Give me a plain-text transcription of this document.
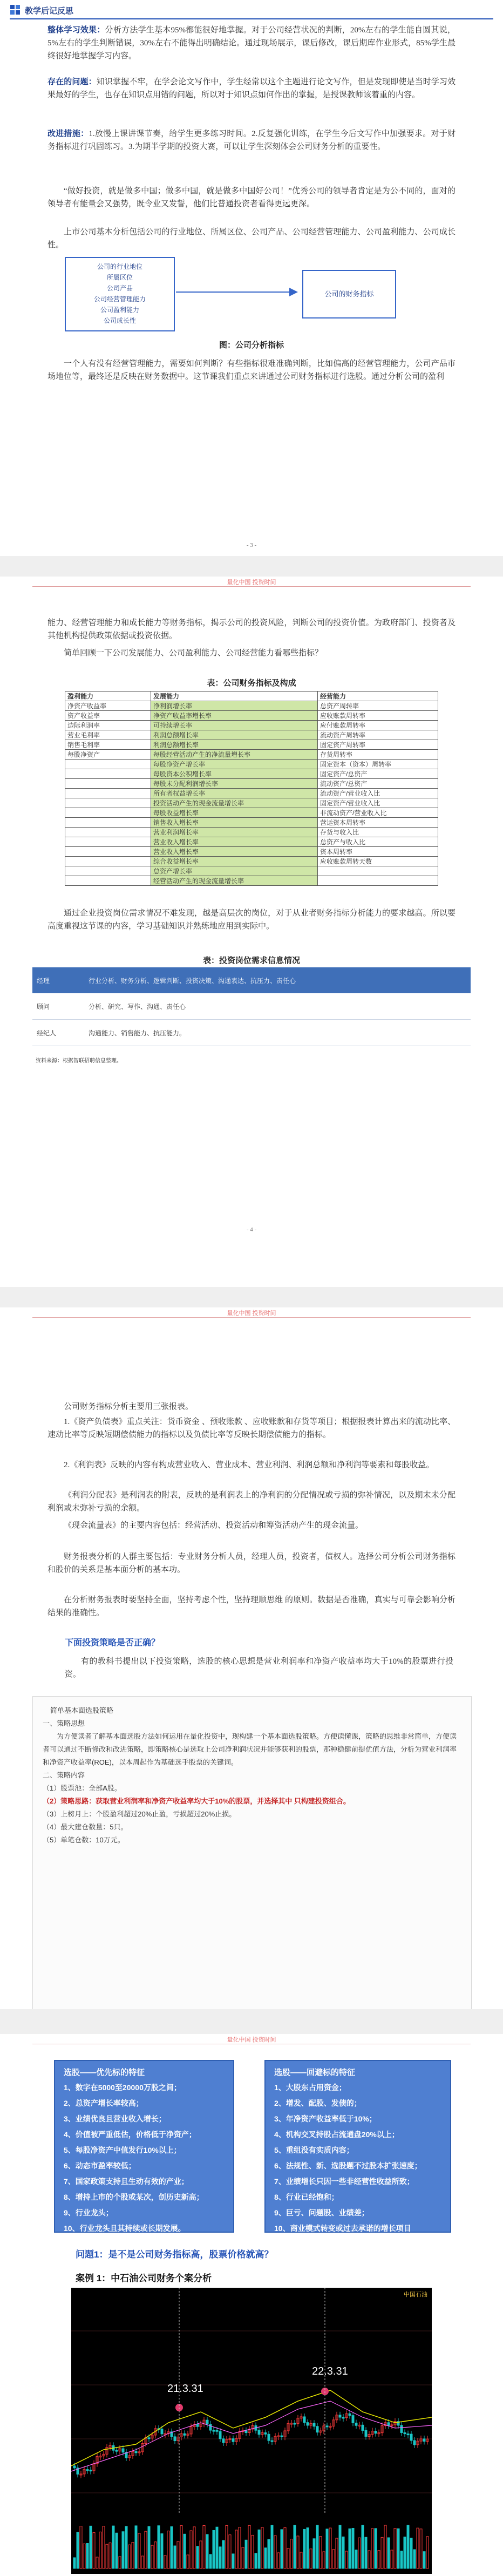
教学后记反思
整体学习效果：分析方法学生基本95%都能很好地掌握。对于公司经营状况的判断，20%左右的学生能自圆其说，5%左右的学生判断错误，30%左右不能得出明确结论。通过现场展示，课后修改，课后期库作业形式，85%学生最终很好地掌握学习内容。
存在的问题：知识掌握不牢，在学会论文写作中，学生经常以这个主题进行论文写作，但是发现即使是当时学习效果最好的学生，也存在知识点用错的问题，所以对于知识点如何作出的掌握，是授课教师该着重的内容。
改进措施：1.放慢上课讲课节奏，给学生更多练习时间。2.反复强化训练，在学生今后文写作中加强要求。对于财务指标进行巩固练习。3.为期半学期的投资大赛，可以让学生深刻体会公司财务分析的重要性。
“做好投资，就是做多中国；做多中国，就是做多中国好公司！”优秀公司的领导者肯定是为公不同的，面对的领导者有能量会又强势，既令业又发誓，他们比普通投资者看得更远更深。
上市公司基本分析包括公司的行业地位、所属区位、公司产品、公司经营管理能力、公司盈利能力、公司成长性。
公司的行业地位
所属区位
公司产品
公司经营管理能力
公司盈利能力
公司成长性
公司的财务指标
图：公司分析指标
一个人有没有经营管理能力，需要如何判断？有些指标很难准确判断，比如偏高的经营管理能力，公司产品市场地位等，最终还是反映在财务数据中。这节课我们重点来讲通过公司财务指标进行选股。通过分析公司的盈利
- 3 -
量化中国 投资时间
能力、经营管理能力和成长能力等财务指标，揭示公司的投资风险，判断公司的投资价值。为政府部门、投资者及其他机构提供政策依据或投资依据。
简单回顾一下公司发展能力、公司盈利能力、公司经营能力看哪些指标？
表：公司财务指标及构成
盈利能力	发展能力	经营能力
净资产收益率	净利润增长率	总资产周转率
资产收益率	净资产收益率增长率	应收账款周转率
边际利润率	可持续增长率	应付账款周转率
营业毛利率	利润总额增长率	流动资产周转率
销售毛利率	利润总额增长率	固定资产周转率
每股净资产	每股经营活动产生的净流量增长率	存货周转率
	每股净资产增长率	固定资本（资本）周转率
	每股资本公积增长率	固定资产/总资产
	每股未分配利润增长率	流动资产/总资产
	所有者权益增长率	流动资产/营业收入比
	投资活动产生的现金流量增长率	固定资产/营业收入比
	每股收益增长率	非流动资产/营业收入比
	销售收入增长率	营运资本周转率
	营业利润增长率	存货与收入比
	营业收入增长率	总资产与收入比
	营业收入增长率	资本周转率
	综合收益增长率	应收账款周转天数
	总资产增长率	
	经营活动产生的现金流量增长率	
通过企业投资岗位需求情况不难发现，越是高层次的岗位，对于从业者财务指标分析能力的要求越高。所以要高度重视这节课的内容，学习基础知识并熟练地应用到实际中。
表：投资岗位需求信息情况
经理	行业分析、财务分析、逻辑判断、投资决策、沟通表达、抗压力、责任心
顾问	分析、研究、写作、沟通、责任心
经纪人	沟通能力、销售能力、抗压能力。
资料来源：根据智联招聘信息整理。
- 4 -
量化中国 投资时间
公司财务指标分析主要用三张报表。
1.《资产负债表》重点关注：货币资金 、预收账款 、应收账款和存货等项目；根据报表计算出来的流动比率、速动比率等反映短期偿债能力的指标以及负债比率等反映长期偿债能力的指标。
2.《利润表》反映的内容有构成营业收入、营业成本、营业利润、利润总额和净利润等要素和每股收益。
《利润分配表》是利润表的附表，反映的是利润表上的净利润的分配情况或亏损的弥补情况，以及期末未分配利润或未弥补亏损的余额。
《现金流量表》的主要内容包括：经营活动、投资活动和筹资活动产生的现金流量。
财务报表分析的人群主要包括：专业财务分析人员，经理人员，投资者，债权人。选择公司分析公司财务指标和股价的关系是基本面分析的基本功。
在分析财务报表时要坚持全面，坚持考虑个性，坚持理顺思维 的原则。数据是否准确，真实与可靠会影响分析结果的准确性。
下面投资策略是否正确？
有的教科书提出以下投资策略，选股的核心思想是营业利润率和净资产收益率均大于10%的股票进行投资。
简单基本面选股策略
一、策略思想
为方便读者了解基本面选股方法如何运用在量化投资中，现构建一个基本面选股策略。方便读懂课，策略的思维非常简单，方便读者可以通过不断修改和改进策略，即策略核心是选取上公司净利润状况并能够获利的股票，那种稳健前提优值方法，分析为营业利润率和净资产收益率(ROE)，以本周起作为基础选手股票的关键词。
二、策略内容
（1）股票池：全部A股。
（2）策略思路：获取营业利润率和净资产收益率均大于10%的股票，并选择其中 只构建投资组合。
（3）上榜月上：个股盈利超过20%止盈，亏损超过20%止损。
（4）最大建仓数量：5只。
（5）单笔仓数：10万元。
量化中国 投资时间
选股——优先标的特征
1、数字在5000至20000万股之间；
2、总资产增长率较高；
3、业绩优良且营业收入增长；
4、价值被严重低估，价格低于净资产；
5、每股净资产中值发行10%以上；
6、动态市盈率较低；
7、国家政策支持且生动有效的产业；
8、增持上市的个股或某次，创历史新高；
9、行业龙头；
10、行业龙头且其持续或长期发展。
选股——回避标的特征
1、大股东占用资金；
2、增发、配股、发债的；
3、年净资产收益率低于10%；
4、机构交叉持股占流通盘20%以上；
5、重组没有实质内容；
6、法规性、新、选股题不过股本扩张速度；
7、业绩增长只因一些非经营性收益所致；
8、行业已经饱和；
9、巨亏、问题股、业绩差；
10、商业模式转变或过去承诺的增长项目
问题1：是不是公司财务指标高，股票价格就高？
案例 1：中石油公司财务个案分析
21.3.31
22.3.31
中国石油
